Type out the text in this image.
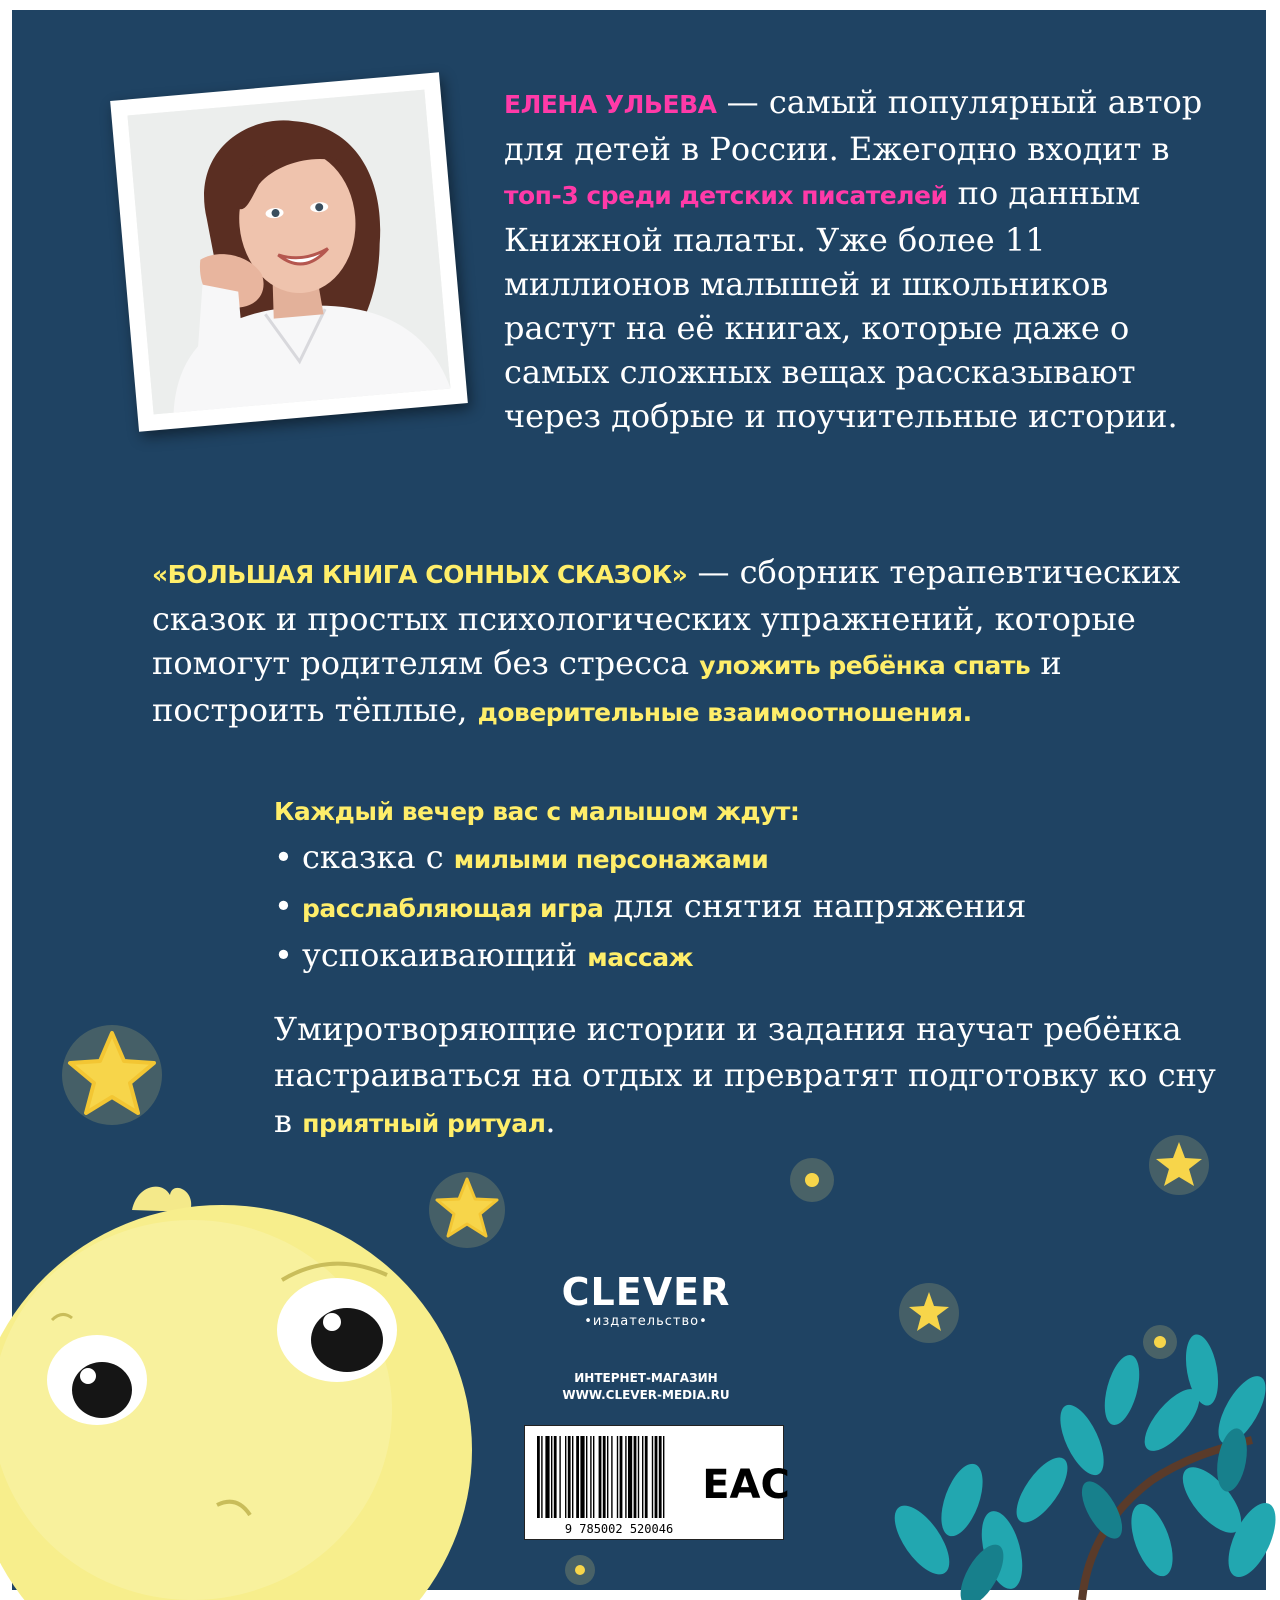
ЕЛЕНА УЛЬЕВА — самый популярный автор для детей в России. Ежегодно входит в топ-3 среди детских писателей по данным Книжной палаты. Уже более 11 миллионов малышей и школьников растут на её книгах, которые даже о самых сложных вещах рассказывают через добрые и поучительные истории.
«БОЛЬШАЯ КНИГА СОННЫХ СКАЗОК» — сборник терапевтических сказок и простых психологических упражнений, которые помогут родителям без стресса уложить ребёнка спать и построить тёплые, доверительные взаимоотношения.
Каждый вечер вас с малышом ждут:
• сказка с милыми персонажами
• расслабляющая игра для снятия напряжения
• успокаивающий массаж
Умиротворяющие истории и задания научат ребёнка настраиваться на отдых и превратят подготовку ко сну в приятный ритуал.
CLEVER
•издательство•
ИНТЕРНЕТ-МАГАЗИН
WWW.CLEVER-MEDIA.RU
9 785002 520046
EAC
